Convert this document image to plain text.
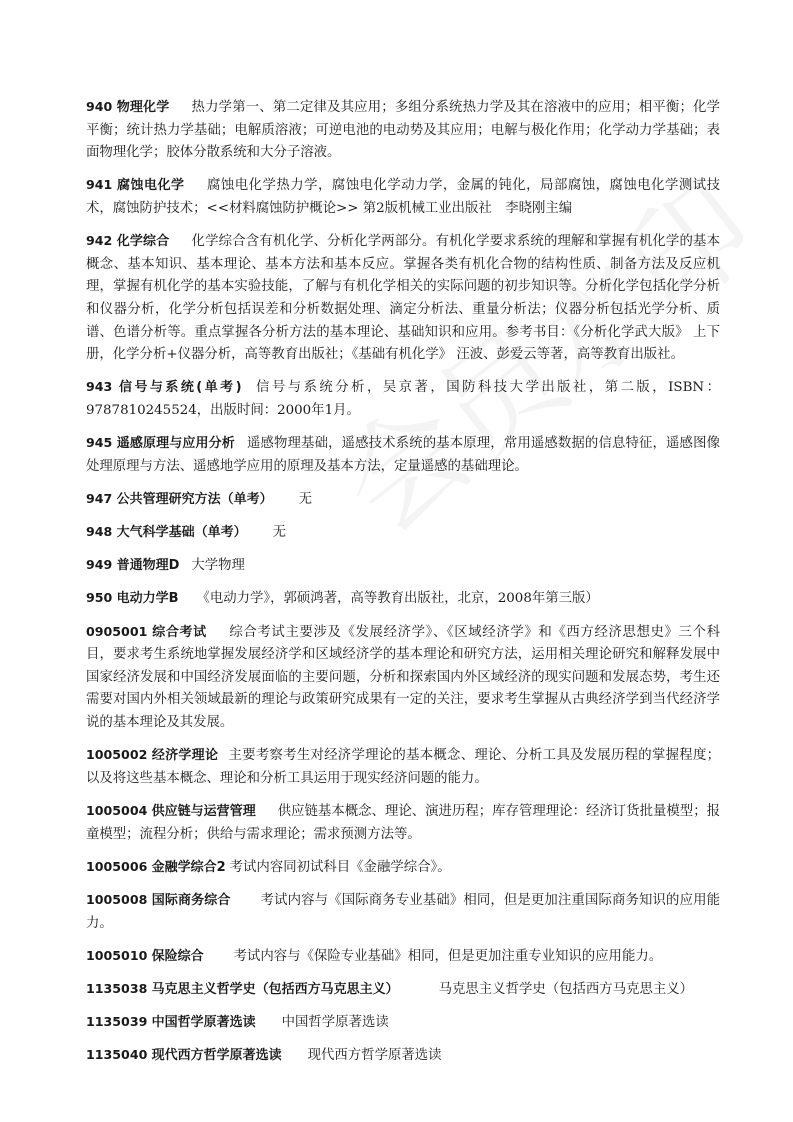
940 物理化学 热力学第一、第二定律及其应用；多组分系统热力学及其在溶液中的应用；相平衡；化学平衡；统计热力学基础；电解质溶液；可逆电池的电动势及其应用；电解与极化作用；化学动力学基础；表面物理化学；胶体分散系统和大分子溶液。

941 腐蚀电化学 腐蚀电化学热力学，腐蚀电化学动力学，金属的钝化，局部腐蚀，腐蚀电化学测试技术，腐蚀防护技术；<<材料腐蚀防护概论>> 第2版机械工业出版社　李晓刚主编

942 化学综合 化学综合含有机化学、分析化学两部分。有机化学要求系统的理解和掌握有机化学的基本概念、基本知识、基本理论、基本方法和基本反应。掌握各类有机化合物的结构性质、制备方法及反应机理，掌握有机化学的基本实验技能，了解与有机化学相关的实际问题的初步知识等。分析化学包括化学分析和仪器分析，化学分析包括误差和分析数据处理、滴定分析法、重量分析法；仪器分析包括光学分析、质谱、色谱分析等。重点掌握各分析方法的基本理论、基础知识和应用。参考书目：《分析化学武大版》 上下册，化学分析+仪器分析，高等教育出版社；《基础有机化学》 汪波、彭爱云等著，高等教育出版社。

943 信号与系统(单考) 信号与系统分析，吴京著，国防科技大学出版社，第二版，ISBN：9787810245524，出版时间：2000年1月。

945 遥感原理与应用分析 遥感物理基础，遥感技术系统的基本原理，常用遥感数据的信息特征，遥感图像处理原理与方法、遥感地学应用的原理及基本方法，定量遥感的基础理论。

947 公共管理研究方法（单考） 无

948 大气科学基础（单考） 无

949 普通物理D 大学物理

950 电动力学B 《电动力学》，郭硕鸿著，高等教育出版社，北京，2008年第三版）

0905001 综合考试 综合考试主要涉及《发展经济学》、《区域经济学》和《西方经济思想史》三个科目，要求考生系统地掌握发展经济学和区域经济学的基本理论和研究方法，运用相关理论研究和解释发展中国家经济发展和中国经济发展面临的主要问题，分析和探索国内外区域经济的现实问题和发展态势，考生还需要对国内外相关领域最新的理论与政策研究成果有一定的关注，要求考生掌握从古典经济学到当代经济学说的基本理论及其发展。

1005002 经济学理论 主要考察考生对经济学理论的基本概念、理论、分析工具及发展历程的掌握程度；以及将这些基本概念、理论和分析工具运用于现实经济问题的能力。

1005004 供应链与运营管理 供应链基本概念、理论、演进历程；库存管理理论：经济订货批量模型；报童模型；流程分析；供给与需求理论；需求预测方法等。

1005006 金融学综合2 考试内容同初试科目《金融学综合》。

1005008 国际商务综合 考试内容与《国际商务专业基础》相同，但是更加注重国际商务知识的应用能力。

1005010 保险综合 考试内容与《保险专业基础》相同，但是更加注重专业知识的应用能力。

1135038 马克思主义哲学史（包括西方马克思主义）	马克思主义哲学史（包括西方马克思主义）

1135039 中国哲学原著选读 中国哲学原著选读

1135040 现代西方哲学原著选读 现代西方哲学原著选读
